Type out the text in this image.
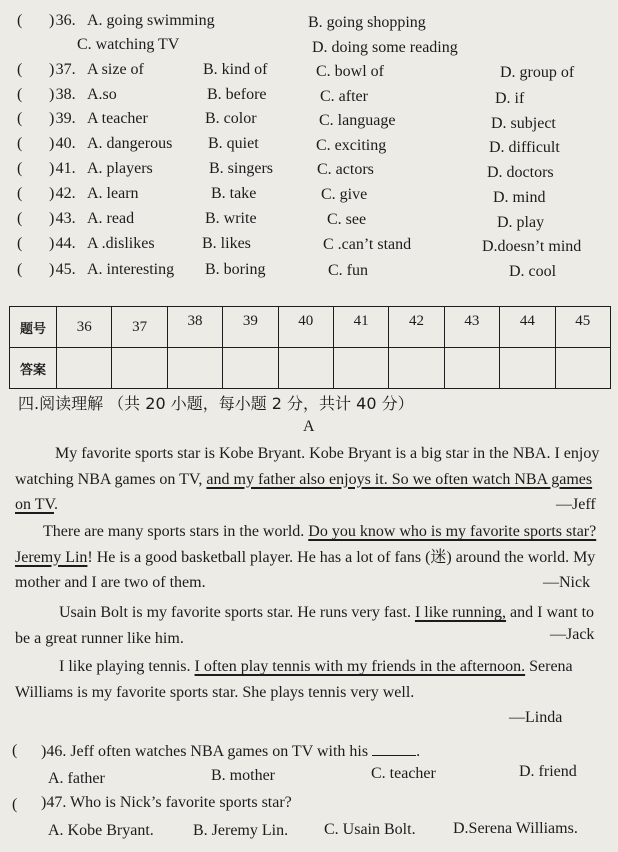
( ) 36. A. going swimming	B. going shopping
C. watching TV	D. doing some reading
( ) 37. A size of	B. kind of	C. bowl of	D. group of
( ) 38. A.so	B. before	C. after	D. if
( ) 39. A teacher	B. color	C. language	D. subject
( ) 40. A. dangerous B. quiet	C. exciting	D. difficult
( ) 41. A. players	B. singers	C. actors	D. doctors
( ) 42. A. learn	B. take	C. give	D. mind
( ) 43. A. read	B. write	C. see	D. play
( ) 44. A .dislikes	B. likes	C .can’t stand	D.doesn’t mind
( ) 45. A. interesting B. boring	C. fun	D. cool
题号	36	37	38	39	40	41	42	43	44	45
答案										
四.阅读理解 （共 20 小题，每小题 2 分，共计 40 分）
A
My favorite sports star is Kobe Bryant. Kobe Bryant is a big star in the NBA. I enjoy watching NBA games on TV, and my father also enjoys it. So we often watch NBA games on TV.	—Jeff
There are many sports stars in the world. Do you know who is my favorite sports star? Jeremy Lin! He is a good basketball player. He has a lot of fans (迷) around the world. My mother and I are two of them.	—Nick
Usain Bolt is my favorite sports star. He runs very fast. I like running, and I want to be a great runner like him.	—Jack
I like playing tennis. I often play tennis with my friends in the afternoon. Serena Williams is my favorite sports star. She plays tennis very well.
—Linda
( )46. Jeff often watches NBA games on TV with his	.
A. father	B. mother	C. teacher	D. friend
( )47. Who is Nick’s favorite sports star?
A. Kobe Bryant. B. Jeremy Lin. C. Usain Bolt. D.Serena Williams.
